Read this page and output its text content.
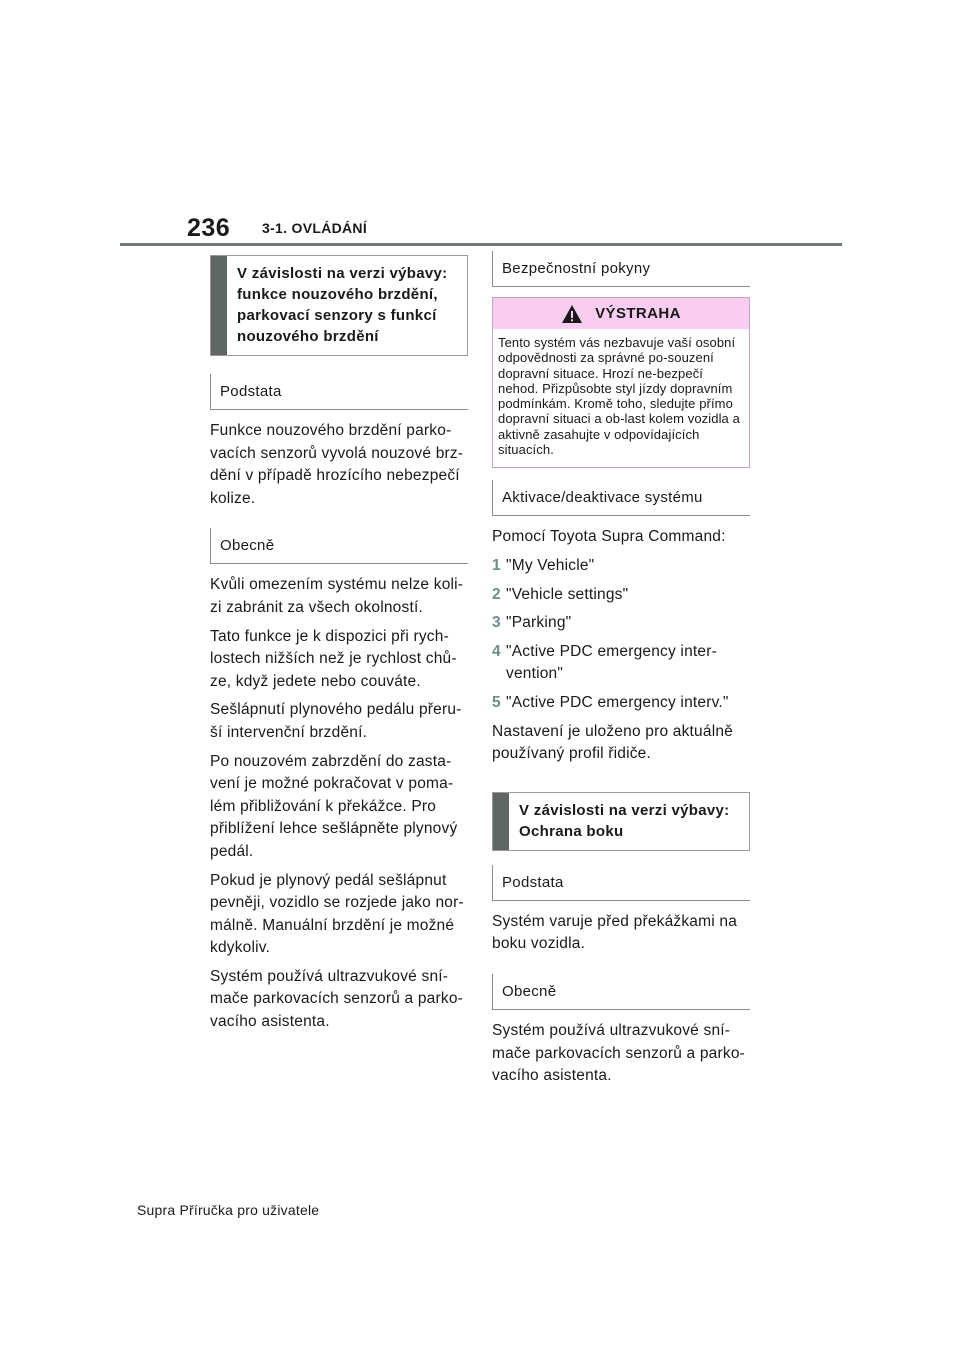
236 3-1. OVLÁDÁNÍ
V závislosti na verzi výbavy: funkce nouzového brzdění, parkovací senzory s funkcí nouzového brzdění
Podstata

Funkce nouzového brzdění parko-vacích senzorů vyvolá nouzové brz-dění v případě hrozícího nebezpečí kolize.

Obecně

Kvůli omezením systému nelze koli-zi zabránit za všech okolností.

Tato funkce je k dispozici při rych-lostech nižších než je rychlost chů-ze, když jedete nebo couváte.

Sešlápnutí plynového pedálu přeru-ší intervenční brzdění.

Po nouzovém zabrzdění do zasta-vení je možné pokračovat v poma-lém přibližování k překážce. Pro přiblížení lehce sešlápněte plynový pedál.

Pokud je plynový pedál sešlápnut pevněji, vozidlo se rozjede jako nor-málně. Manuální brzdění je možné kdykoliv.

Systém používá ultrazvukové sní-mače parkovacích senzorů a parko-vacího asistenta.

Bezpečnostní pokyny
VÝSTRAHA
Tento systém vás nezbavuje vaší osobní odpovědnosti za správné po-souzení dopravní situace. Hrozí ne-bezpečí nehod. Přizpůsobte styl jízdy dopravním podmínkám. Kromě toho, sledujte přímo dopravní situaci a ob-last kolem vozidla a aktivně zasahujte v odpovídajících situacích.
Aktivace/deaktivace systému

Pomocí Toyota Supra Command:

1 "My Vehicle"
2 "Vehicle settings"
3 "Parking"
4 "Active PDC emergency inter-vention"
5 "Active PDC emergency interv."

Nastavení je uloženo pro aktuálně používaný profil řidiče.

V závislosti na verzi výbavy: Ochrana boku
Podstata

Systém varuje před překážkami na boku vozidla.

Obecně

Systém používá ultrazvukové sní-mače parkovacích senzorů a parko-vacího asistenta.

Supra Příručka pro uživatele
